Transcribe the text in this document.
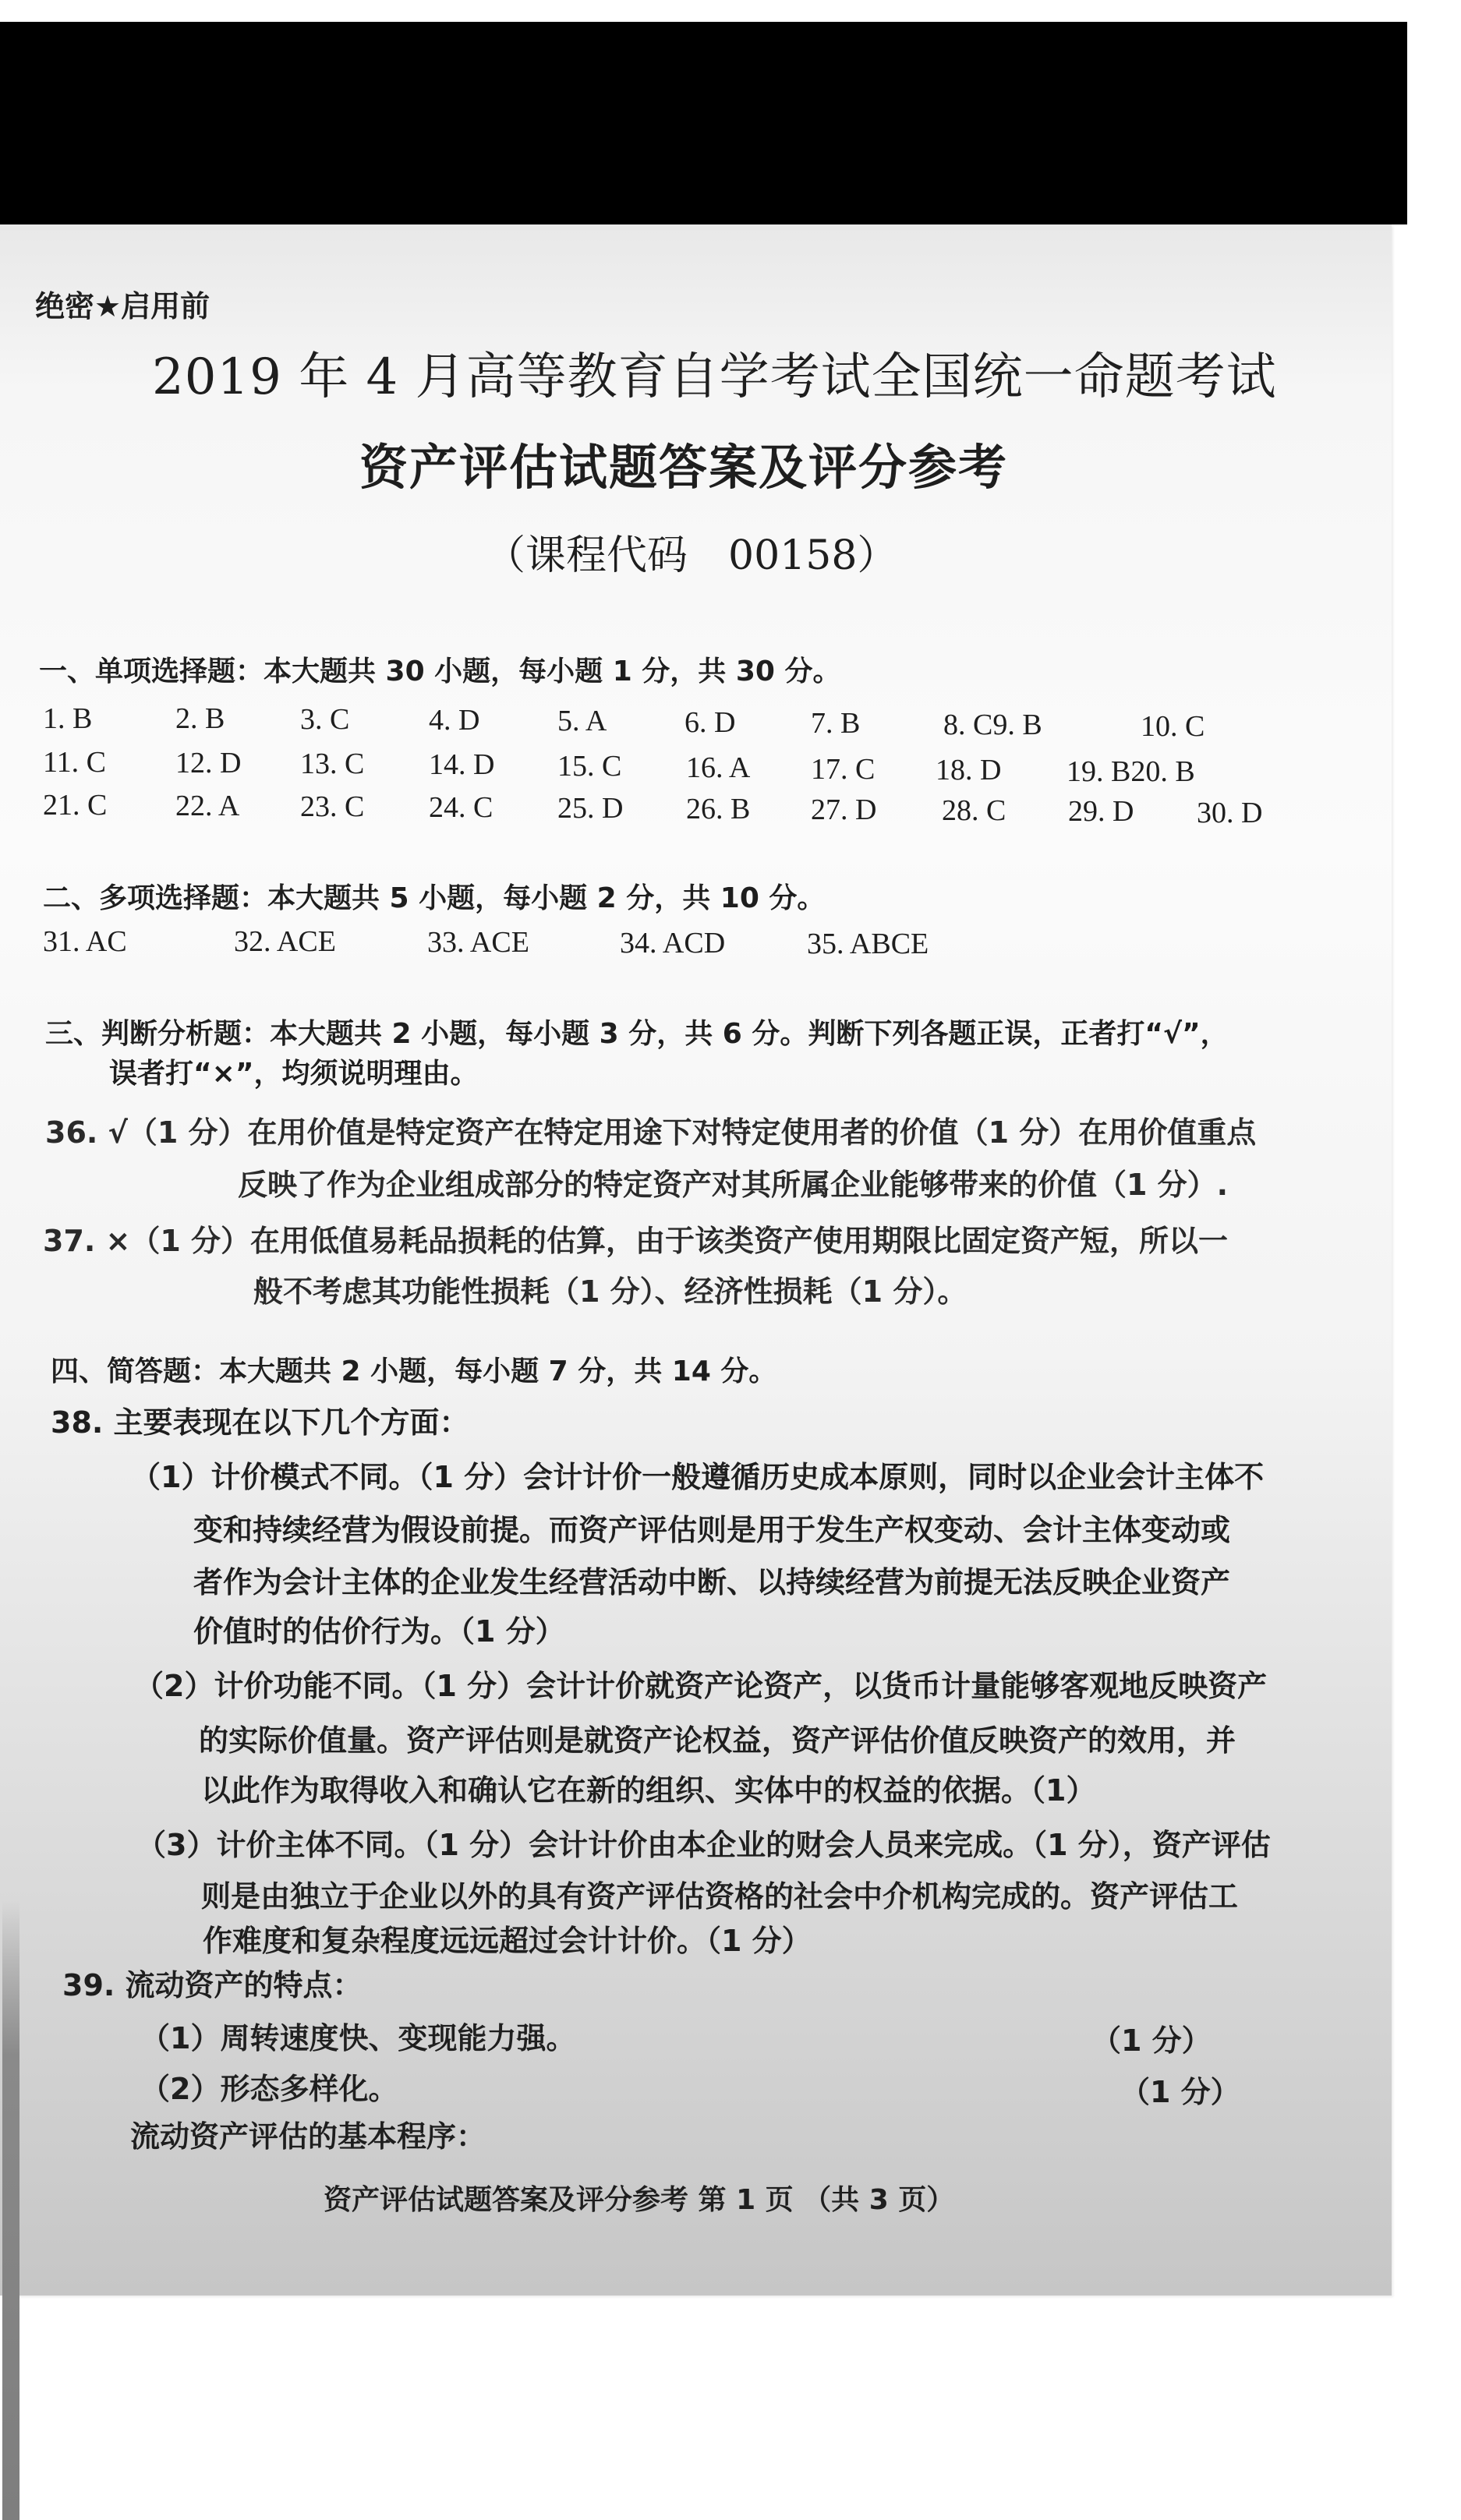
绝密★启用前
2019 年 4 月高等教育自学考试全国统一命题考试
资产评估试题答案及评分参考
（课程代码　00158）
一、单项选择题：本大题共 30 小题，每小题 1 分，共 30 分。
1. B	2. B	3. C	4. D	5. A	6. D	7. B	8. C9. B	10. C
11. C 12. D 13. C 14. D 15. C 16. A 17. C 18. D 19. B20. B
21. C 22. A 23. C 24. C 25. D 26. B 27. D 28. C 29. D 30. D
二、多项选择题：本大题共 5 小题，每小题 2 分，共 10 分。
31. AC	32. ACE	33. ACE	34. ACD	35. ABCE
三、判断分析题：本大题共 2 小题，每小题 3 分，共 6 分。判断下列各题正误，正者打“√”，
误者打“×”，均须说明理由。
36. √（1 分）在用价值是特定资产在特定用途下对特定使用者的价值（1 分）在用价值重点
反映了作为企业组成部分的特定资产对其所属企业能够带来的价值（1 分）.
37. ×（1 分）在用低值易耗品损耗的估算，由于该类资产使用期限比固定资产短，所以一
般不考虑其功能性损耗（1 分）、经济性损耗（1 分）。
四、简答题：本大题共 2 小题，每小题 7 分，共 14 分。
38. 主要表现在以下几个方面：
（1）计价模式不同。（1 分）会计计价一般遵循历史成本原则，同时以企业会计主体不
变和持续经营为假设前提。而资产评估则是用于发生产权变动、会计主体变动或
者作为会计主体的企业发生经营活动中断、以持续经营为前提无法反映企业资产
价值时的估价行为。（1 分）
（2）计价功能不同。（1 分）会计计价就资产论资产，以货币计量能够客观地反映资产
的实际价值量。资产评估则是就资产论权益，资产评估价值反映资产的效用，并
以此作为取得收入和确认它在新的组织、实体中的权益的依据。（1）
（3）计价主体不同。（1 分）会计计价由本企业的财会人员来完成。（1 分），资产评估
则是由独立于企业以外的具有资产评估资格的社会中介机构完成的。资产评估工
作难度和复杂程度远远超过会计计价。（1 分）
39. 流动资产的特点：
（1）周转速度快、变现能力强。	（1 分）
（2）形态多样化。	（1 分）
流动资产评估的基本程序：
资产评估试题答案及评分参考 第 1 页 （共 3 页）
